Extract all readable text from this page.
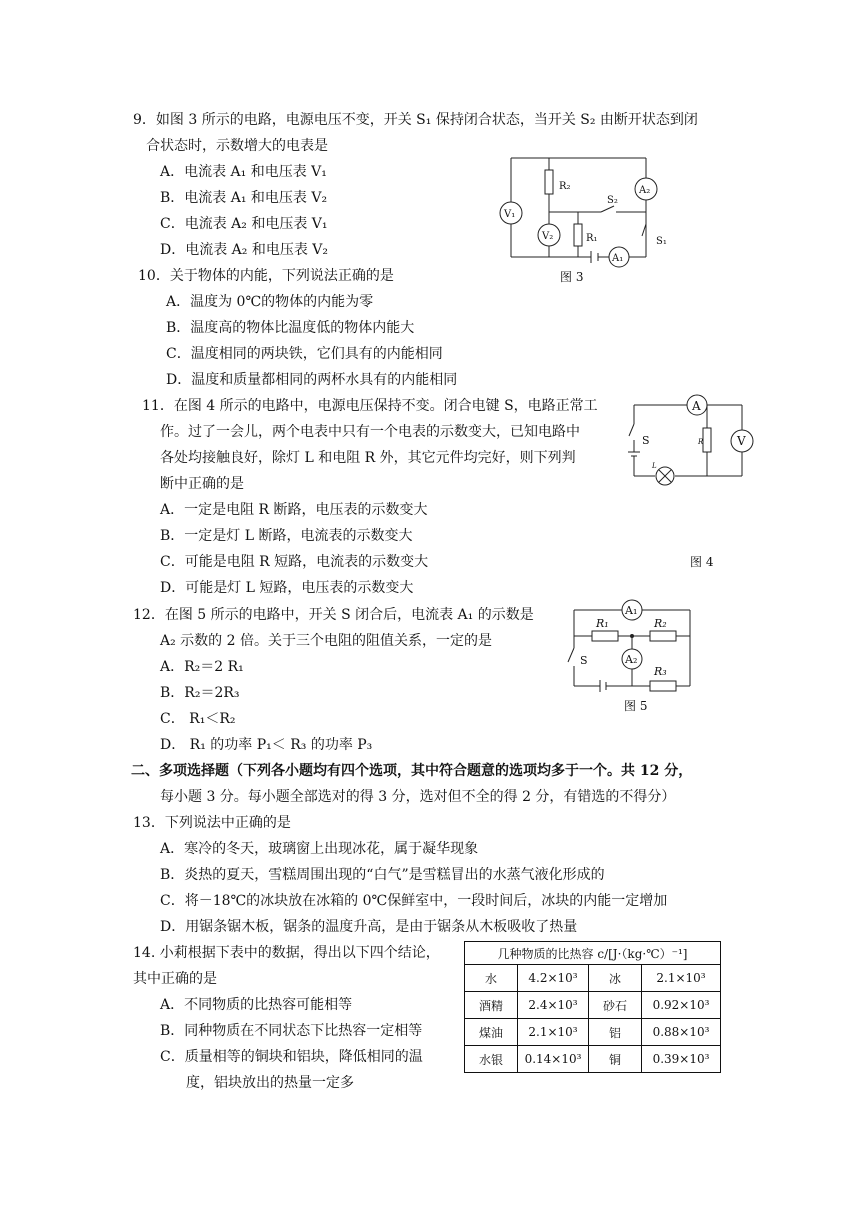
9．如图 3 所示的电路，电源电压不变，开关 S₁ 保持闭合状态，当开关 S₂ 由断开状态到闭
合状态时，示数增大的电表是
A．电流表 A₁ 和电压表 V₁
B．电流表 A₁ 和电压表 V₂
C．电流表 A₂ 和电压表 V₁
D．电流表 A₂ 和电压表 V₂
R₂
S₂
A₂
V₁
V₂	R₁
A₁
S₁
图 3
10．关于物体的内能，下列说法正确的是
A．温度为 0℃的物体的内能为零
B．温度高的物体比温度低的物体内能大
C．温度相同的两块铁，它们具有的内能相同
D．温度和质量都相同的两杯水具有的内能相同
11．在图 4 所示的电路中，电源电压保持不变。闭合电键 S，电路正常工
作。过了一会儿，两个电表中只有一个电表的示数变大，已知电路中
各处均接触良好，除灯 L 和电阻 R 外，其它元件均完好，则下列判
断中正确的是
A．一定是电阻 R 断路，电压表的示数变大
B．一定是灯 L 断路，电流表的示数变大
C．可能是电阻 R 短路，电流表的示数变大
D．可能是灯 L 短路，电压表的示数变大
A
S	R	V
L
图 4
12．在图 5 所示的电路中，开关 S 闭合后，电流表 A₁ 的示数是
A₂ 示数的 2 倍。关于三个电阻的阻值关系，一定的是
A．R₂＝2 R₁
B．R₂＝2R₃
C． R₁＜R₂
D． R₁ 的功率 P₁＜ R₃ 的功率 P₃
A₁
R₁	R₂
S	A₂
R₃
图 5
二、多项选择题（下列各小题均有四个选项，其中符合题意的选项均多于一个。共 12 分，
每小题 3 分。每小题全部选对的得 3 分，选对但不全的得 2 分，有错选的不得分）
13．下列说法中正确的是
A．寒冷的冬天，玻璃窗上出现冰花，属于凝华现象
B．炎热的夏天，雪糕周围出现的“白气”是雪糕冒出的水蒸气液化形成的
C．将－18℃的冰块放在冰箱的 0℃保鲜室中，一段时间后，冰块的内能一定增加
D．用锯条锯木板，锯条的温度升高，是由于锯条从木板吸收了热量
14. 小莉根据下表中的数据，得出以下四个结论，
其中正确的是
A．不同物质的比热容可能相等
B．同种物质在不同状态下比热容一定相等
C．质量相等的铜块和铝块，降低相同的温
度，铝块放出的热量一定多
几种物质的比热容 c/[J·（kg·℃）⁻¹]			
水	4.2×10³	冰	2.1×10³
酒精	2.4×10³	砂石	0.92×10³
煤油	2.1×10³	铝	0.88×10³
水银	0.14×10³	铜	0.39×10³
